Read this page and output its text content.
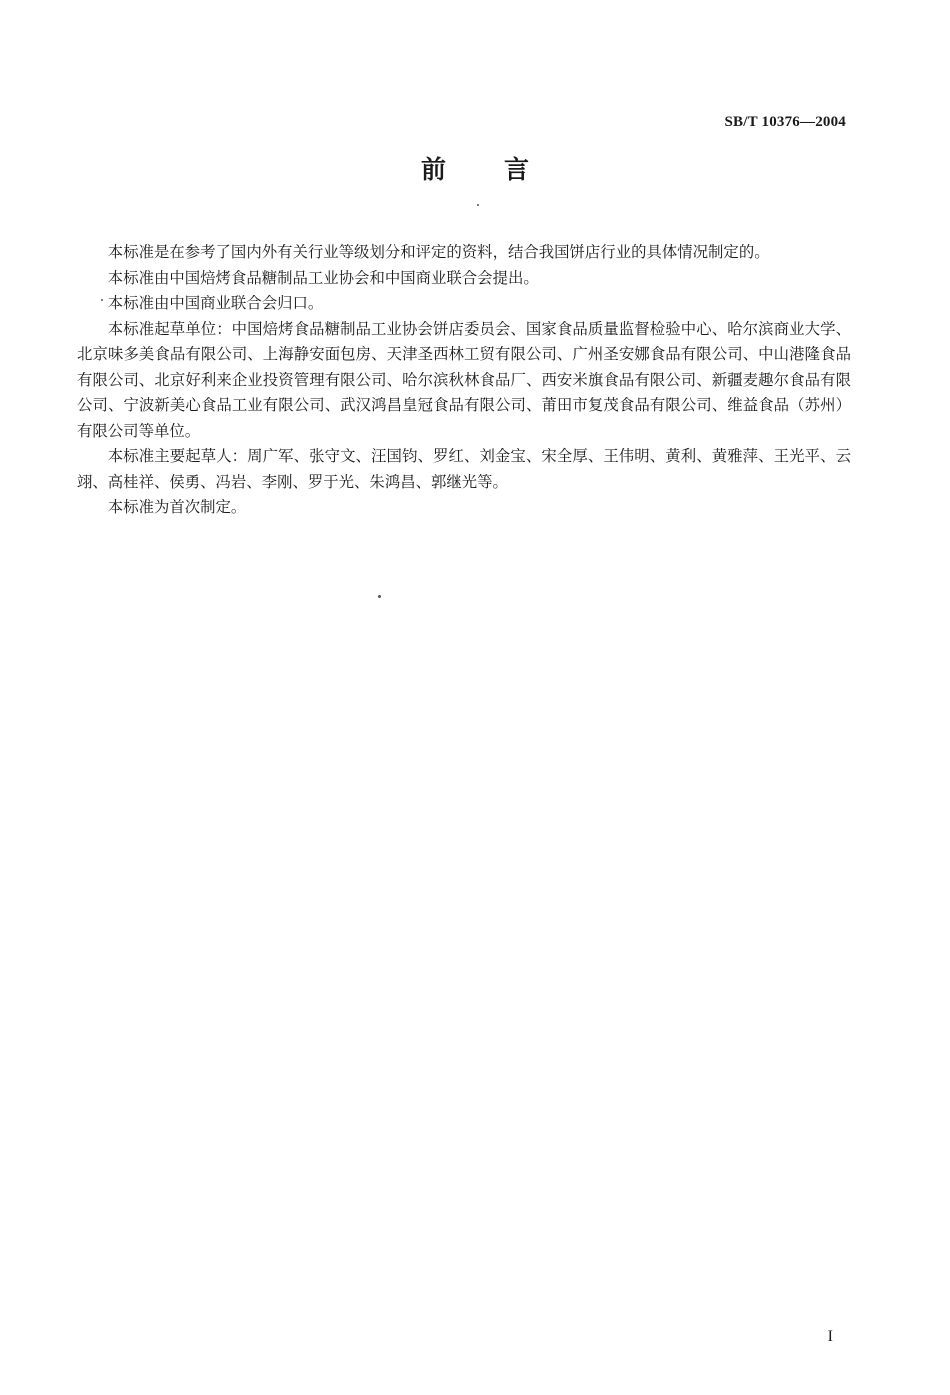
SB/T 10376—2004
前 言

本标准是在参考了国内外有关行业等级划分和评定的资料，结合我国饼店行业的具体情况制定的。

本标准由中国焙烤食品糖制品工业协会和中国商业联合会提出。

本标准由中国商业联合会归口。

本标准起草单位：中国焙烤食品糖制品工业协会饼店委员会、国家食品质量监督检验中心、哈尔滨商业大学、北京味多美食品有限公司、上海静安面包房、天津圣西林工贸有限公司、广州圣安娜食品有限公司、中山港隆食品有限公司、北京好利来企业投资管理有限公司、哈尔滨秋林食品厂、西安米旗食品有限公司、新疆麦趣尔食品有限公司、宁波新美心食品工业有限公司、武汉鸿昌皇冠食品有限公司、莆田市复茂食品有限公司、维益食品（苏州）有限公司等单位。

本标准主要起草人：周广军、张守文、汪国钧、罗红、刘金宝、宋全厚、王伟明、黄利、黄雅萍、王光平、云翊、高桂祥、侯勇、冯岩、李刚、罗于光、朱鸿昌、郭继光等。

本标准为首次制定。

I
